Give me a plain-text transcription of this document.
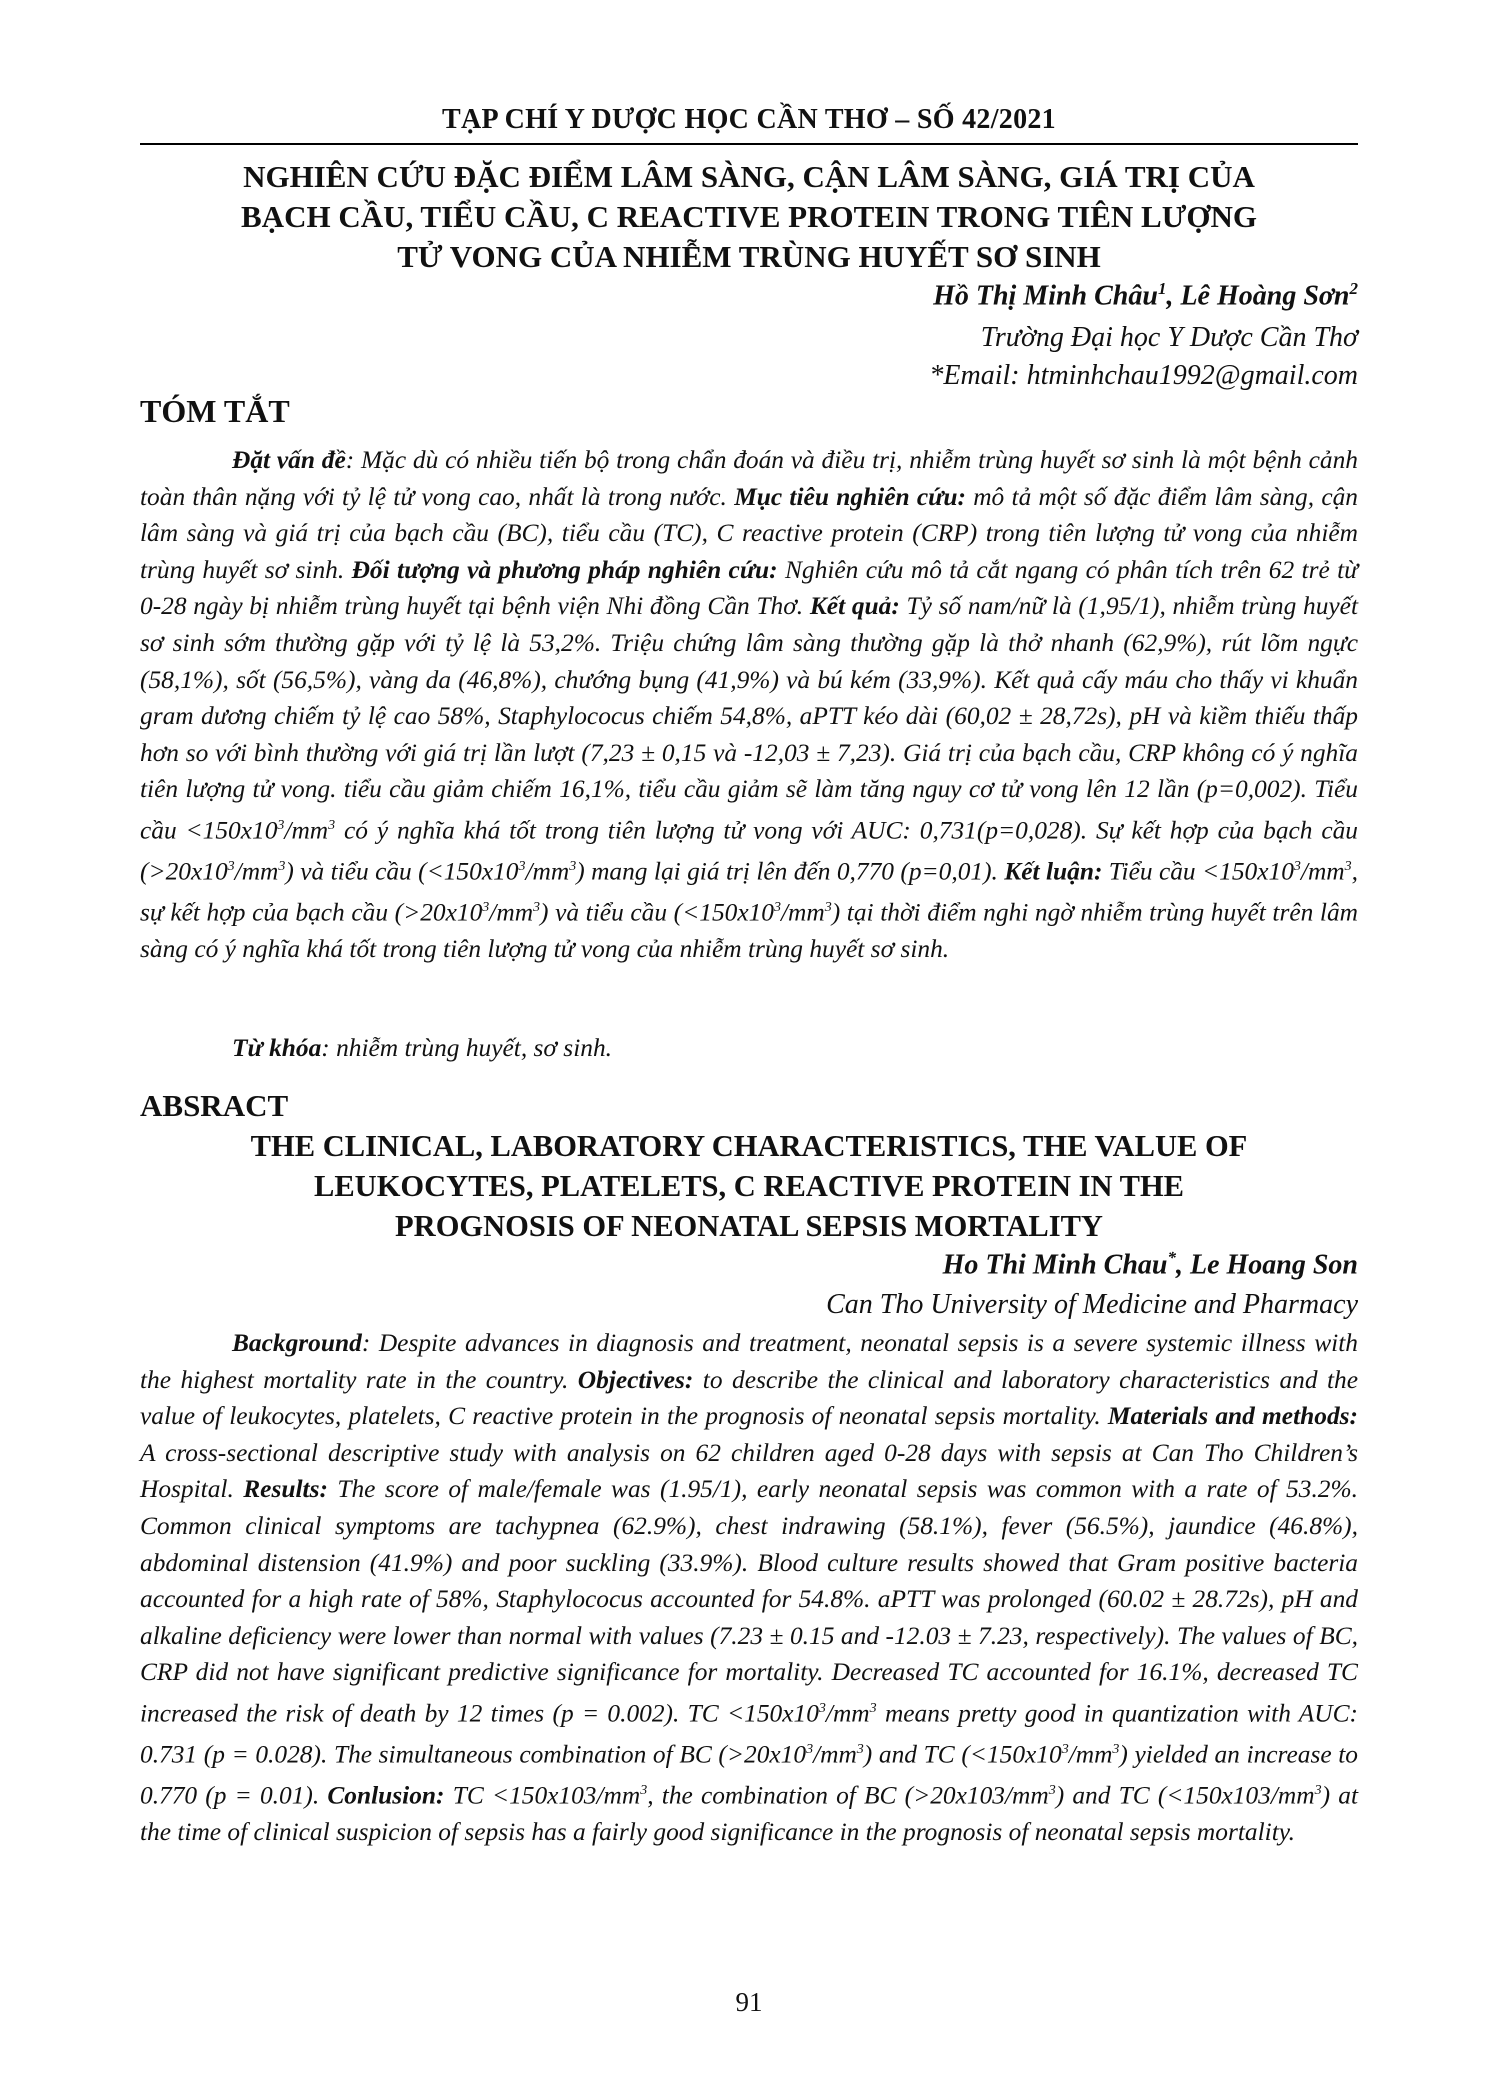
TẠP CHÍ Y DƯỢC HỌC CẦN THƠ – SỐ 42/2021
NGHIÊN CỨU ĐẶC ĐIỂM LÂM SÀNG, CẬN LÂM SÀNG, GIÁ TRỊ CỦA
BẠCH CẦU, TIỂU CẦU, C REACTIVE PROTEIN TRONG TIÊN LƯỢNG
TỬ VONG CỦA NHIỄM TRÙNG HUYẾT SƠ SINH
Hồ Thị Minh Châu$^1$, Lê Hoàng Sơn$^2$
Trường Đại học Y Dược Cần Thơ
*Email: htminhchau1992@gmail.com
TÓM TẮT

Đặt vấn đề: Mặc dù có nhiều tiến bộ trong chẩn đoán và điều trị, nhiễm trùng huyết sơ sinh là một bệnh cảnh toàn thân nặng với tỷ lệ tử vong cao, nhất là trong nước. Mục tiêu nghiên cứu: mô tả một số đặc điểm lâm sàng, cận lâm sàng và giá trị của bạch cầu (BC), tiểu cầu (TC), C reactive protein (CRP) trong tiên lượng tử vong của nhiễm trùng huyết sơ sinh. Đối tượng và phương pháp nghiên cứu: Nghiên cứu mô tả cắt ngang có phân tích trên 62 trẻ từ 0-28 ngày bị nhiễm trùng huyết tại bệnh viện Nhi đồng Cần Thơ. Kết quả: Tỷ số nam/nữ là (1,95/1), nhiễm trùng huyết sơ sinh sớm thường gặp với tỷ lệ là 53,2%. Triệu chứng lâm sàng thường gặp là thở nhanh (62,9%), rút lõm ngực (58,1%), sốt (56,5%), vàng da (46,8%), chướng bụng (41,9%) và bú kém (33,9%). Kết quả cấy máu cho thấy vi khuẩn gram dương chiếm tỷ lệ cao 58%, Staphylococus chiếm 54,8%, aPTT kéo dài (60,02 ± 28,72s), pH và kiềm thiếu thấp hơn so với bình thường với giá trị lần lượt (7,23 ± 0,15 và -12,03 ± 7,23). Giá trị của bạch cầu, CRP không có ý nghĩa tiên lượng tử vong. tiểu cầu giảm chiếm 16,1%, tiểu cầu giảm sẽ làm tăng nguy cơ tử vong lên 12 lần (p=0,002). Tiểu cầu $<150x10^3/mm^3$ có ý nghĩa khá tốt trong tiên lượng tử vong với AUC: 0,731(p=0,028). Sự kết hợp của bạch cầu $(>20x10^3/mm^3)$ và tiểu cầu $(<150x10^3/mm^3)$ mang lại giá trị lên đến 0,770 (p=0,01). Kết luận: Tiểu cầu $<150x10^3/mm^3$, sự kết hợp của bạch cầu $(>20x10^3/mm^3)$ và tiểu cầu $(<150x10^3/mm^3)$ tại thời điểm nghi ngờ nhiễm trùng huyết trên lâm sàng có ý nghĩa khá tốt trong tiên lượng tử vong của nhiễm trùng huyết sơ sinh.

Từ khóa: nhiễm trùng huyết, sơ sinh.
ABSRACT
THE CLINICAL, LABORATORY CHARACTERISTICS, THE VALUE OF
LEUKOCYTES, PLATELETS, C REACTIVE PROTEIN IN THE
PROGNOSIS OF NEONATAL SEPSIS MORTALITY
Ho Thi Minh Chau*, Le Hoang Son
Can Tho University of Medicine and Pharmacy

Background: Despite advances in diagnosis and treatment, neonatal sepsis is a severe systemic illness with the highest mortality rate in the country. Objectives: to describe the clinical and laboratory characteristics and the value of leukocytes, platelets, C reactive protein in the prognosis of neonatal sepsis mortality. Materials and methods: A cross-sectional descriptive study with analysis on 62 children aged 0-28 days with sepsis at Can Tho Children’s Hospital. Results: The score of male/female was (1.95/1), early neonatal sepsis was common with a rate of 53.2%. Common clinical symptoms are tachypnea (62.9%), chest indrawing (58.1%), fever (56.5%), jaundice (46.8%), abdominal distension (41.9%) and poor suckling (33.9%). Blood culture results showed that Gram positive bacteria accounted for a high rate of 58%, Staphylococus accounted for 54.8%. aPTT was prolonged (60.02 ± 28.72s), pH and alkaline deficiency were lower than normal with values (7.23 ± 0.15 and -12.03 ± 7.23, respectively). The values of BC, CRP did not have significant predictive significance for mortality. Decreased TC accounted for 16.1%, decreased TC increased the risk of death by 12 times (p = 0.002). TC $<150x10^3/mm^3$ means pretty good in quantization with AUC: 0.731 (p = 0.028). The simultaneous combination of BC $(>20x10^3/mm^3)$ and TC $(<150x10^3/mm^3)$ yielded an increase to 0.770 (p = 0.01). Conlusion: TC $<150x103/mm^3$, the combination of BC $(>20x103/mm^3)$ and TC $(<150x103/mm^3)$ at the time of clinical suspicion of sepsis has a fairly good significance in the prognosis of neonatal sepsis mortality.

91
